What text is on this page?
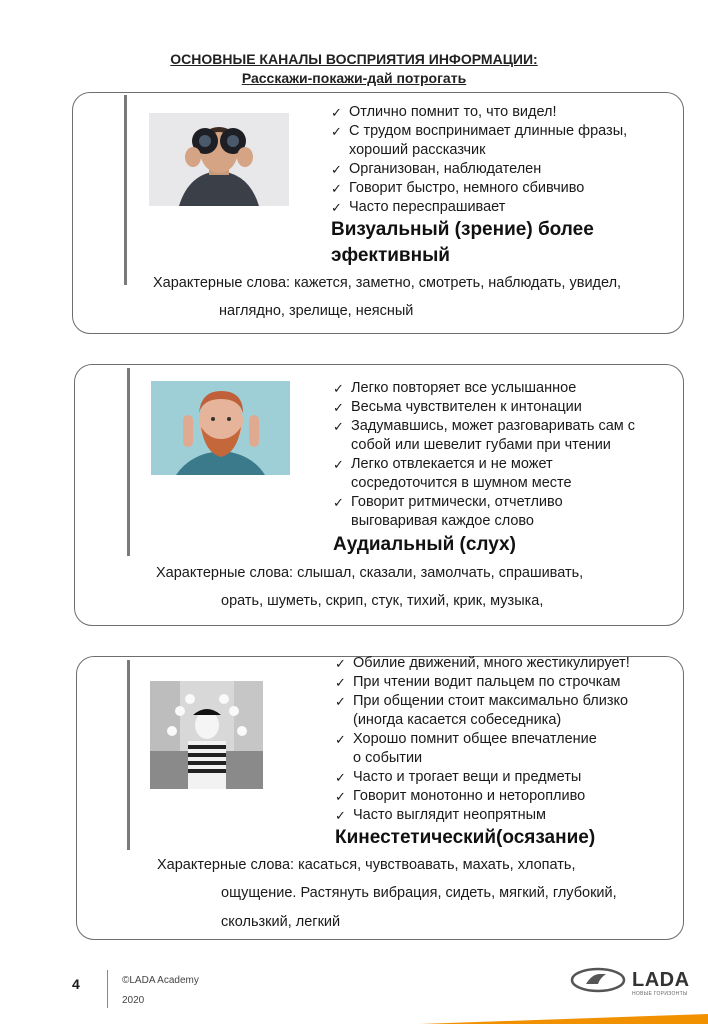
ОСНОВНЫЕ КАНАЛЫ ВОСПРИЯТИЯ ИНФОРМАЦИИ:
Расскажи-покажи-дай потрогать
✓ Отлично помнит то, что видел!
✓ С трудом воспринимает длинные фразы,
хороший рассказчик
✓ Организован, наблюдателен
✓ Говорит быстро, немного сбивчиво
✓ Часто переспрашивает
Визуальный (зрение) более
эфективный
Характерные слова: кажется, заметно, смотреть, наблюдать, увидел,
наглядно, зрелище, неясный
✓ Легко повторяет все услышанное
✓ Весьма чувствителен к интонации
✓ Задумавшись, может разговаривать сам с
собой или шевелит губами при чтении
✓ Легко отвлекается и не может
сосредоточится в шумном месте
✓ Говорит ритмически, отчетливо
выговаривая каждое слово
Аудиальный (слух)
Характерные слова: слышал, сказали, замолчать, спрашивать,
орать, шуметь, скрип, стук, тихий, крик, музыка,
✓ Обилие движений, много жестикулирует!
✓ При чтении водит пальцем по строчкам
✓ При общении стоит максимально близко
(иногда касается собеседника)
✓ Хорошо помнит общее впечатление
о событии
✓ Часто и трогает вещи и предметы
✓ Говорит монотонно и неторопливо
✓ Часто выглядит неопрятным
Кинестетический(осязание)
Характерные слова: касаться, чувствоавать, махать, хлопать,
ощущение. Растянуть вибрация, сидеть, мягкий, глубокий,
скользкий, легкий
4	©LADA Academy
2020
LADA
НОВЫЕ ГОРИЗОНТЫ
